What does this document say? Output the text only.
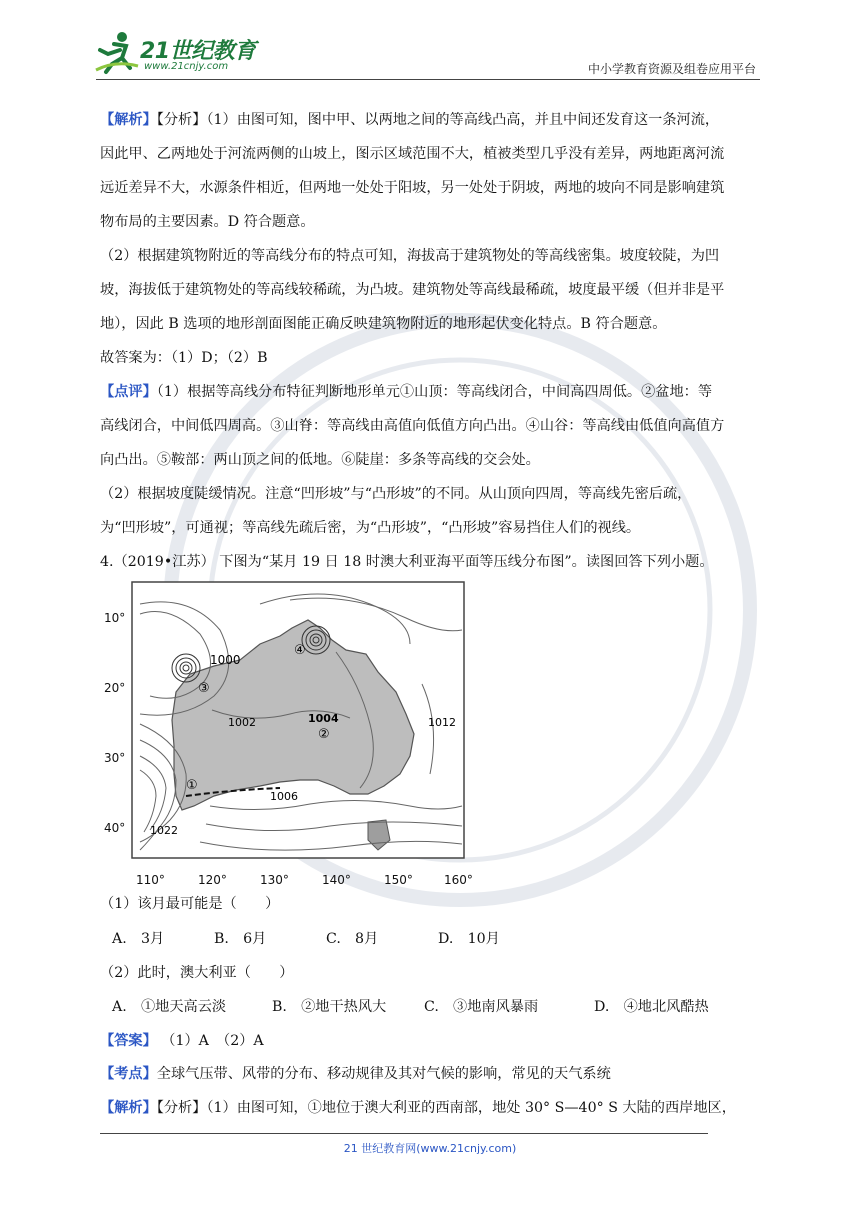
21世纪教育
www.21cnjy.com	中小学教育资源及组卷应用平台

【解析】【分析】（1）由图可知，图中甲、以两地之间的等高线凸高，并且中间还发育这一条河流，

因此甲、乙两地处于河流两侧的山坡上，图示区域范围不大，植被类型几乎没有差异，两地距离河流

远近差异不大，水源条件相近，但两地一处处于阳坡，另一处处于阴坡，两地的坡向不同是影响建筑

物布局的主要因素。D 符合题意。

（2）根据建筑物附近的等高线分布的特点可知，海拔高于建筑物处的等高线密集。坡度较陡，为凹

坡，海拔低于建筑物处的等高线较稀疏，为凸坡。建筑物处等高线最稀疏，坡度最平缓（但并非是平

地），因此 B 选项的地形剖面图能正确反映建筑物附近的地形起伏变化特点。B 符合题意。

故答案为：（1）D；（2）B

【点评】（1）根据等高线分布特征判断地形单元①山顶：等高线闭合，中间高四周低。②盆地：等

高线闭合，中间低四周高。③山脊：等高线由高值向低值方向凸出。④山谷：等高线由低值向高值方

向凸出。⑤鞍部：两山顶之间的低地。⑥陡崖：多条等高线的交会处。

（2）根据坡度陡缓情况。注意“凹形坡”与“凸形坡”的不同。从山顶向四周，等高线先密后疏，

为“凹形坡”，可通视；等高线先疏后密，为“凸形坡”，“凸形坡”容易挡住人们的视线。

4.（2019•江苏） 下图为“某月 19 日 18 时澳大利亚海平面等压线分布图”。读图回答下列小题。

1000
1002	1004
1006
1012
1022
①
②
③
④
10°
20°
30°
40°
110°	120°	130°	140°	150°	160°
（1）该月最可能是（　　）
A.　3月	B.　6月	C.　8月	D.　10月
（2）此时，澳大利亚（　　）
A.　①地天高云淡	B.　②地干热风大	C.　③地南风暴雨	D.　④地北风酷热
【答案】 （1）A　（2）A
【考点】全球气压带、风带的分布、移动规律及其对气候的影响，常见的天气系统
【解析】【分析】（1）由图可知，①地位于澳大利亚的西南部，地处 30° S—40° S 大陆的西岸地区，
21 世纪教育网(www.21cnjy.com)
